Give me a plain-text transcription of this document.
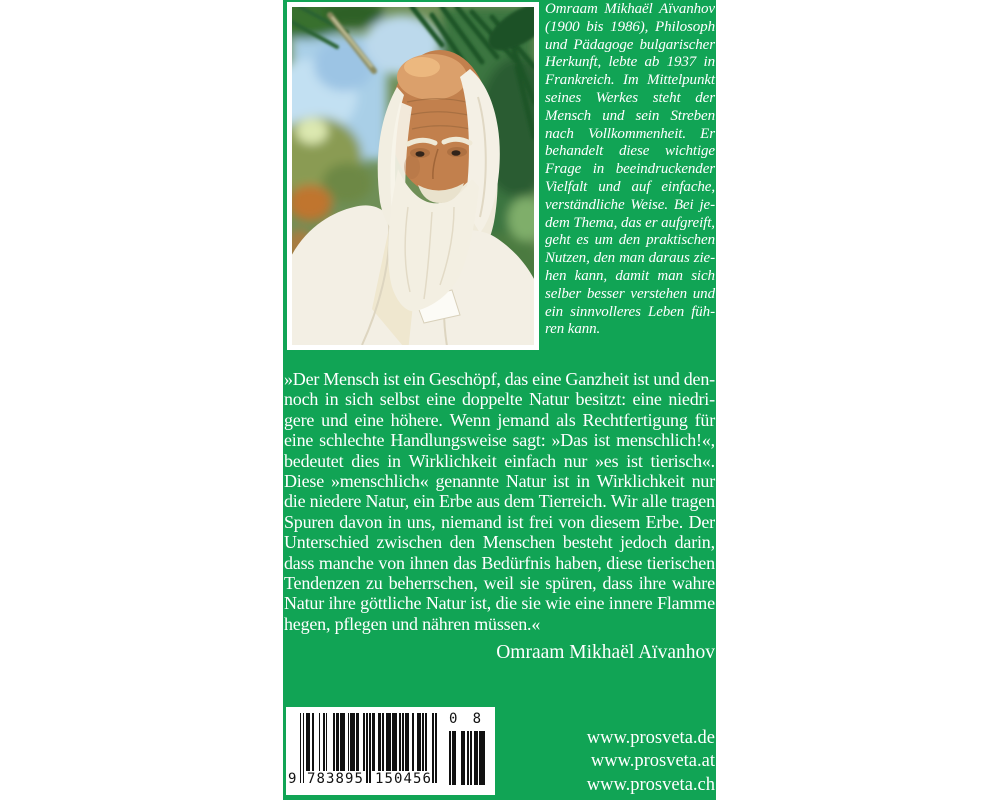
Omraam Mikhaël Aïvanhov
(1900 bis 1986), Philosoph
und Pädagoge bulgarischer
Herkunft, lebte ab 1937 in
Frankreich. Im Mittelpunkt
seines Werkes steht der
Mensch und sein Streben
nach Vollkommenheit. Er
behandelt diese wichtige
Frage in beeindruckender
Vielfalt und auf einfache,
verständliche Weise. Bei je-
dem Thema, das er aufgreift,
geht es um den praktischen
Nutzen, den man daraus zie-
hen kann, damit man sich
selber besser verstehen und
ein sinnvolleres Leben füh-
ren kann.
»Der Mensch ist ein Geschöpf, das eine Ganzheit ist und den-
noch in sich selbst eine doppelte Natur besitzt: eine niedri-
gere und eine höhere. Wenn jemand als Rechtfertigung für
eine schlechte Handlungsweise sagt: »Das ist menschlich!«,
bedeutet dies in Wirklichkeit einfach nur »es ist tierisch«.
Diese »menschlich« genannte Natur ist in Wirklichkeit nur
die niedere Natur, ein Erbe aus dem Tierreich. Wir alle tragen
Spuren davon in uns, niemand ist frei von diesem Erbe. Der
Unterschied zwischen den Menschen besteht jedoch darin,
dass manche von ihnen das Bedürfnis haben, diese tierischen
Tendenzen zu beherrschen, weil sie spüren, dass ihre wahre
Natur ihre göttliche Natur ist, die sie wie eine innere Flamme
hegen, pflegen und nähren müssen.«
Omraam Mikhaël Aïvanhov
9 7 8 3 8 9 5 1 5 0 4 5 6
0 8
www.prosveta.de
www.prosveta.at
www.prosveta.ch
